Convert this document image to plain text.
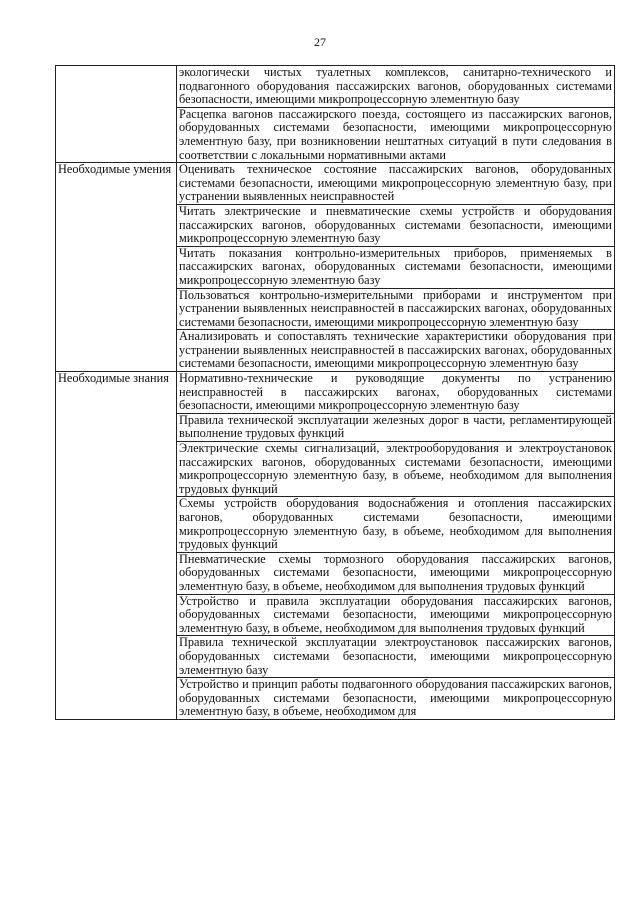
27
	экологически чистых туалетных комплексов, санитарно-технического и подвагонного оборудования пассажирских вагонов, оборудованных системами безопасности, имеющими микропроцессорную элементную базу
	Расцепка вагонов пассажирского поезда, состоящего из пассажирских вагонов, оборудованных системами безопасности, имеющими микропроцессорную элементную базу, при возникновении нештатных ситуаций в пути следования в соответствии с локальными нормативными актами
Необходимые умения	Оценивать техническое состояние пассажирских вагонов, оборудованных системами безопасности, имеющими микропроцессорную элементную базу, при устранении выявленных неисправностей
	Читать электрические и пневматические схемы устройств и оборудования пассажирских вагонов, оборудованных системами безопасности, имеющими микропроцессорную элементную базу
	Читать показания контрольно-измерительных приборов, применяемых в пассажирских вагонах, оборудованных системами безопасности, имеющими микропроцессорную элементную базу
	Пользоваться контрольно-измерительными приборами и инструментом при устранении выявленных неисправностей в пассажирских вагонах, оборудованных системами безопасности, имеющими микропроцессорную элементную базу
	Анализировать и сопоставлять технические характеристики оборудования при устранении выявленных неисправностей в пассажирских вагонах, оборудованных системами безопасности, имеющими микропроцессорную элементную базу
Необходимые знания	Нормативно-технические и руководящие документы по устранению неисправностей в пассажирских вагонах, оборудованных системами безопасности, имеющими микропроцессорную элементную базу
	Правила технической эксплуатации железных дорог в части, регламентирующей выполнение трудовых функций
	Электрические схемы сигнализаций, электрооборудования и электроустановок пассажирских вагонов, оборудованных системами безопасности, имеющими микропроцессорную элементную базу, в объеме, необходимом для выполнения трудовых функций
	Схемы устройств оборудования водоснабжения и отопления пассажирских вагонов, оборудованных системами безопасности, имеющими микропроцессорную элементную базу, в объеме, необходимом для выполнения трудовых функций
	Пневматические схемы тормозного оборудования пассажирских вагонов, оборудованных системами безопасности, имеющими микропроцессорную элементную базу, в объеме, необходимом для выполнения трудовых функций
	Устройство и правила эксплуатации оборудования пассажирских вагонов, оборудованных системами безопасности, имеющими микропроцессорную элементную базу, в объеме, необходимом для выполнения трудовых функций
	Правила технической эксплуатации электроустановок пассажирских вагонов, оборудованных системами безопасности, имеющими микропроцессорную элементную базу
	Устройство и принцип работы подвагонного оборудования пассажирских вагонов, оборудованных системами безопасности, имеющими микропроцессорную элементную базу, в объеме, необходимом для
